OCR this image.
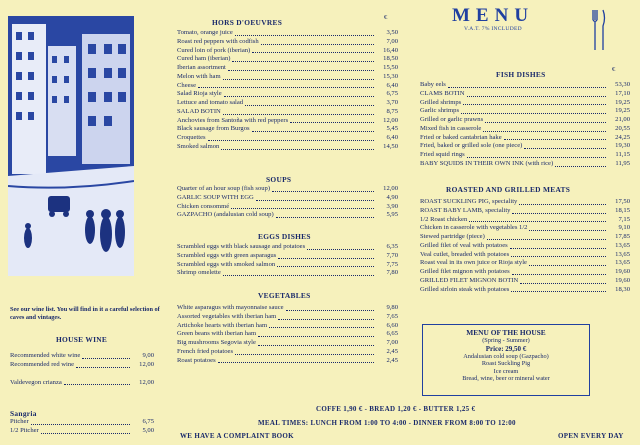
See our wine list. You will find in it a careful selection of caves and vintages.
HOUSE WINE
Recommended white wine	9,00
Recommended red wine	12,00
Valdevegon crianza	12,00
Sangria
Pitcher	6,75
1/2 Pitcher	5,00
HORS D'OEUVRES
€
Tomato, orange juice	3,50
Roast red peppers with codfish	7,00
Cured loin of pork (iberian)	16,40
Cured ham (iberian)	18,50
Iberian assortment	15,50
Melon with ham	15,30
Cheese	6,40
Salad Rioja style	6,75
Lettuce and tomato salad	3,70
SALAD BOTIN	8,75
Anchovies from Santoña with red peppers	12,00
Black sausage from Burgos	5,45
Croquettes	6,40
Smoked salmon	14,50
SOUPS
Quarter of an hour soup (fish soup)	12,00
GARLIC SOUP WITH EGG	4,90
Chicken consommé	3,90
GAZPACHO (andalusian cold soup)	5,95
EGGS DISHES
Scrambled eggs with black sausage and potatoes	6,35
Scrambled eggs with green asparagus	7,70
Scrambled eggs with smoked salmon	7,75
Shrimp omelette	7,80
VEGETABLES
White asparagus with mayonnaise sauce	9,80
Assorted vegetables with iberian ham	7,65
Artichoke hearts with iberian ham	6,60
Green beans with iberian ham	6,65
Big mushrooms Segovia style	7,00
French fried potatoes	2,45
Roast potatoes	2,45
MENU
V.A.T. 7% INCLUDED
€
FISH DISHES
Baby eels	53,30
CLAMS BOTIN	17,10
Grilled shrimps	19,25
Garlic shrimps	19,25
Grilled or garlic prawns	21,00
Mixed fish in casserole	20,55
Fried or baked cantabrian hake	24,25
Fried, baked or grilled sole (one piece)	19,30
Fried squid rings	11,15
BABY SQUIDS IN THEIR OWN INK (with rice)	11,95
ROASTED AND GRILLED MEATS
ROAST SUCKLING PIG, speciality	17,50
ROAST BABY LAMB, speciality	18,15
1/2 Roast chicken	7,15
Chicken in casserole with vegetables 1/2	9,10
Stewed partridge (piece)	17,85
Grilled filet of veal with potatoes	13,65
Veal cutlet, breaded with potatoes	13,65
Roast veal in its own juice or Rioja style	13,65
Grilled filet mignon with potatoes	19,60
GRILLED FILET MIGNON BOTIN	19,60
Grilled sirloin steak with potatoes	18,30
MENU OF THE HOUSE
(Spring - Summer)
Price: 29,50 €
Andalusian cold soup (Gazpacho)
Roast Suckling Pig
Ice cream
Bread, wine, beer or mineral water
COFFE 1,90 € - BREAD 1,20 € - BUTTER 1,25 €
MEAL TIMES: LUNCH FROM 1:00 TO 4:00 - DINNER FROM 8:00 TO 12:00
WE HAVE A COMPLAINT BOOK	OPEN EVERY DAY
